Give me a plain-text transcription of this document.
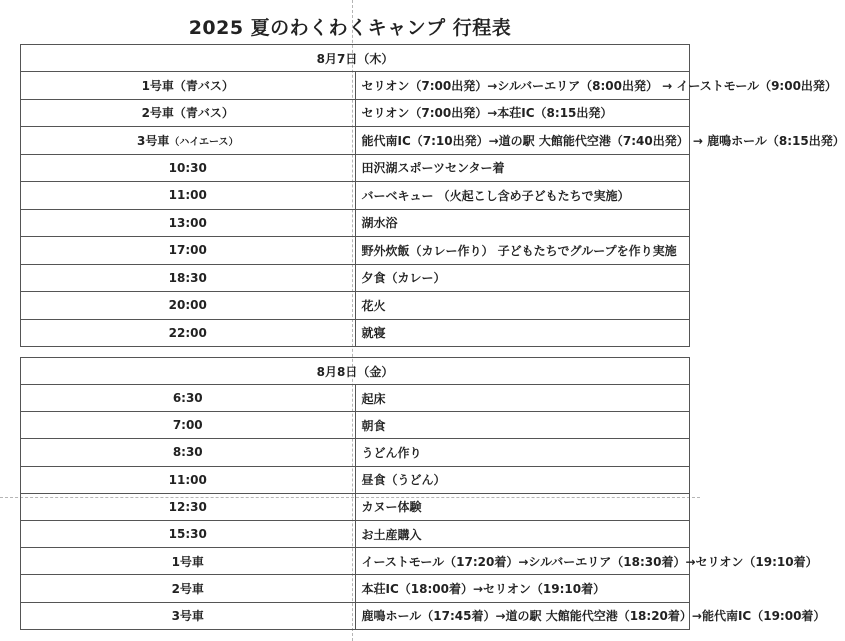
2025 夏のわくわくキャンプ 行程表
8月7日（木）	
1号車（青バス）	セリオン（7:00出発）→シルバーエリア（8:00出発） → イーストモール（9:00出発）
2号車（青バス）	セリオン（7:00出発）→本荘IC（8:15出発）
3号車（ハイエース）	能代南IC（7:10出発）→道の駅 大館能代空港（7:40出発） → 鹿鳴ホール（8:15出発）
10:30	田沢湖スポーツセンター着
11:00	バーベキュー （火起こし含め子どもたちで実施）
13:00	湖水浴
17:00	野外炊飯（カレー作り） 子どもたちでグループを作り実施
18:30	夕食（カレー）
20:00	花火
22:00	就寝
8月8日（金）	
6:30	起床
7:00	朝食
8:30	うどん作り
11:00	昼食（うどん）
12:30	カヌー体験
15:30	お土産購入
1号車	イーストモール（17:20着）→シルバーエリア（18:30着）→セリオン（19:10着）
2号車	本荘IC（18:00着）→セリオン（19:10着）
3号車	鹿鳴ホール（17:45着）→道の駅 大館能代空港（18:20着）→能代南IC（19:00着）
